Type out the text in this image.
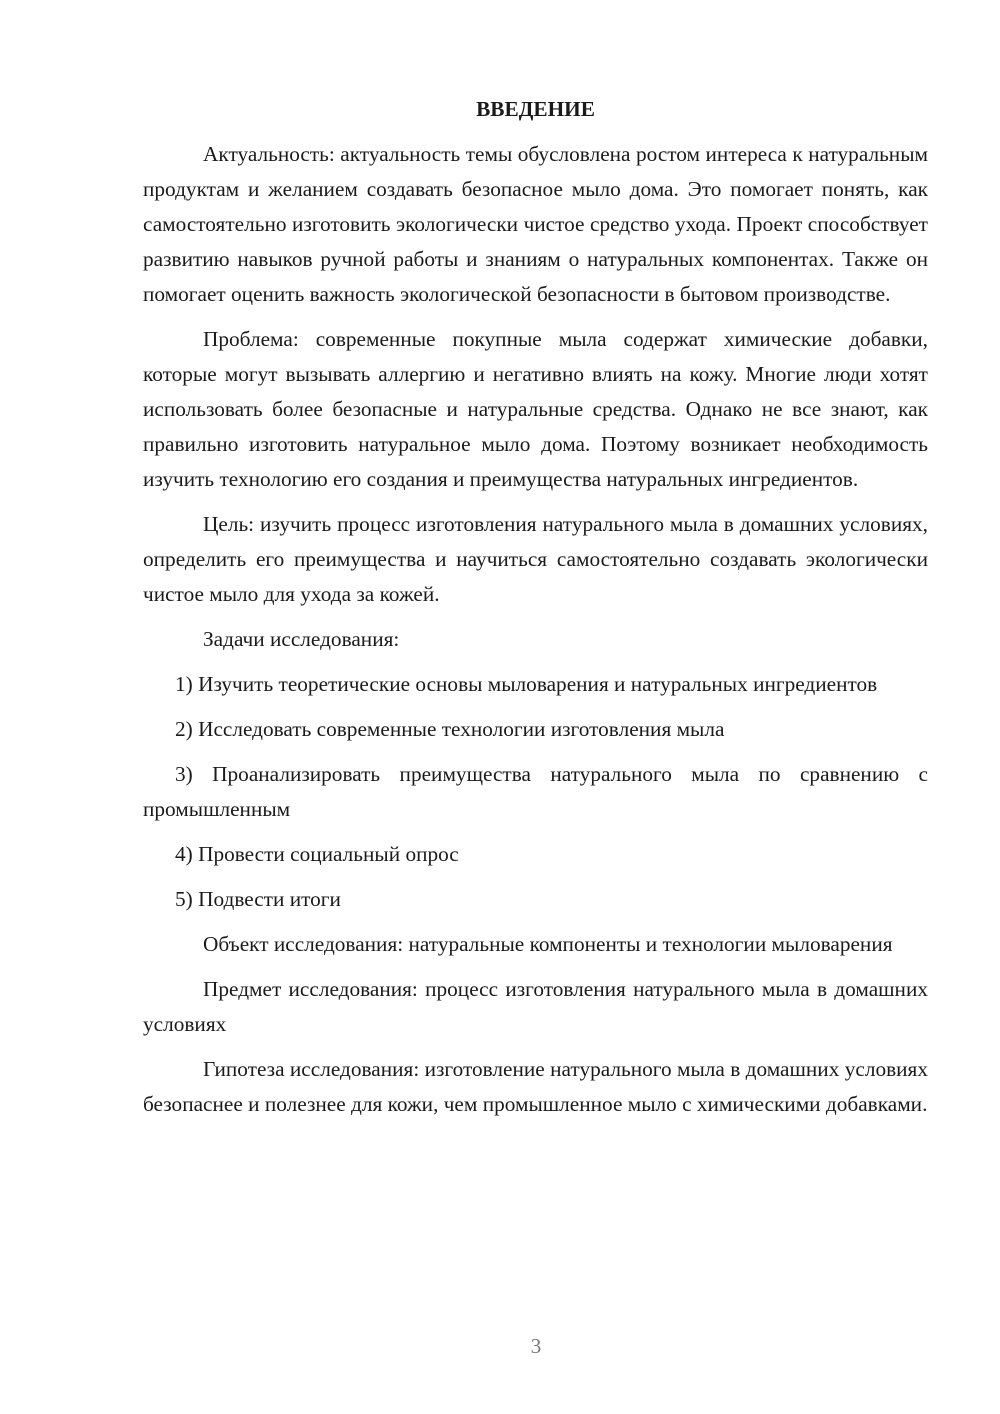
ВВЕДЕНИЕ

Актуальность: актуальность темы обусловлена ростом интереса к натуральным продуктам и желанием создавать безопасное мыло дома. Это помогает понять, как самостоятельно изготовить экологически чистое средство ухода. Проект способствует развитию навыков ручной работы и знаниям о натуральных компонентах. Также он помогает оценить важность экологической безопасности в бытовом производстве.

Проблема: современные покупные мыла содержат химические добавки, которые могут вызывать аллергию и негативно влиять на кожу. Многие люди хотят использовать более безопасные и натуральные средства. Однако не все знают, как правильно изготовить натуральное мыло дома. Поэтому возникает необходимость изучить технологию его создания и преимущества натуральных ингредиентов.

Цель: изучить процесс изготовления натурального мыла в домашних условиях, определить его преимущества и научиться самостоятельно создавать экологически чистое мыло для ухода за кожей.

Задачи исследования:

1) Изучить теоретические основы мыловарения и натуральных ингредиентов

2) Исследовать современные технологии изготовления мыла

3) Проанализировать преимущества натурального мыла по сравнению с промышленным

4) Провести социальный опрос

5) Подвести итоги

Объект исследования: натуральные компоненты и технологии мыловарения

Предмет исследования: процесс изготовления натурального мыла в домашних условиях

Гипотеза исследования: изготовление натурального мыла в домашних условиях безопаснее и полезнее для кожи, чем промышленное мыло с химическими добавками.

3
